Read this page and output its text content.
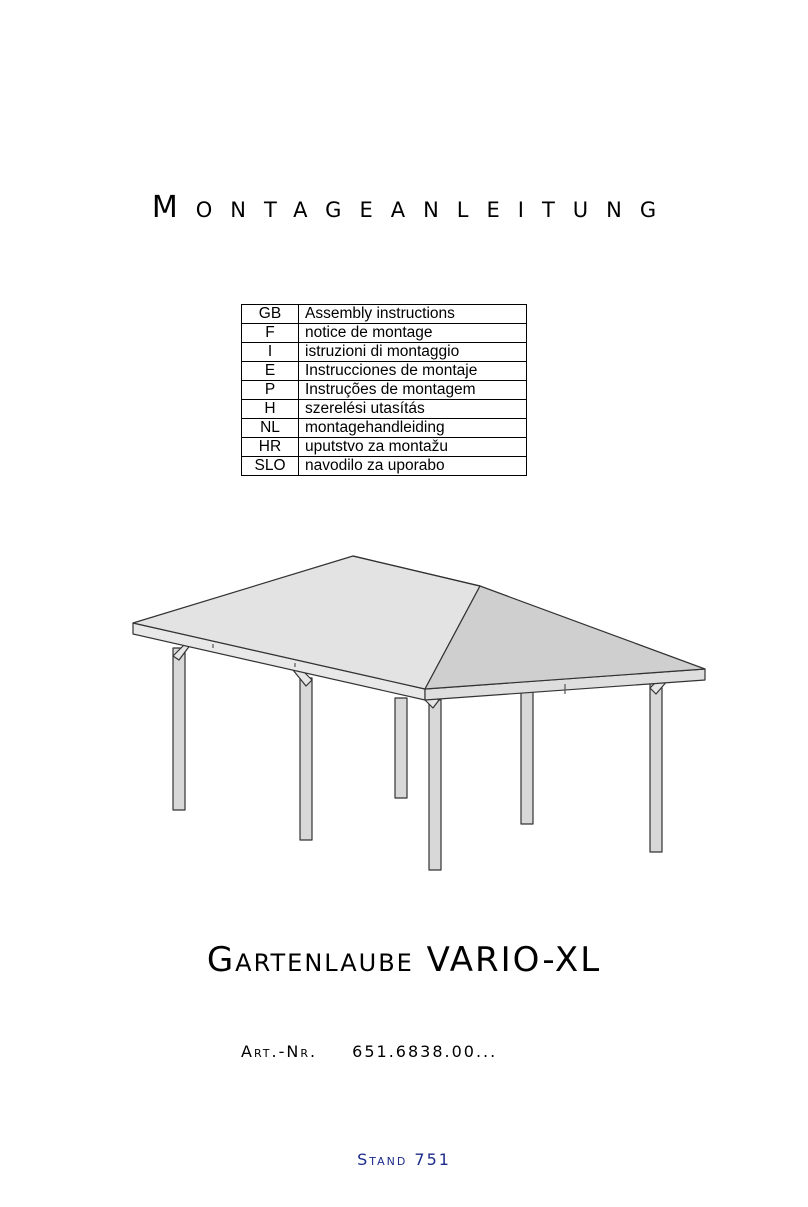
Montageanleitung
GB	Assembly instructions
F	notice de montage
I	istruzioni di montaggio
E	Instrucciones de montaje
P	Instruções de montagem
H	szerelési utasítás
NL	montagehandleiding
HR	uputstvo za montažu
SLO	navodilo za uporabo
Gartenlaube VARIO-XL
Art.-Nr. 651.6838.00...
Stand 751
